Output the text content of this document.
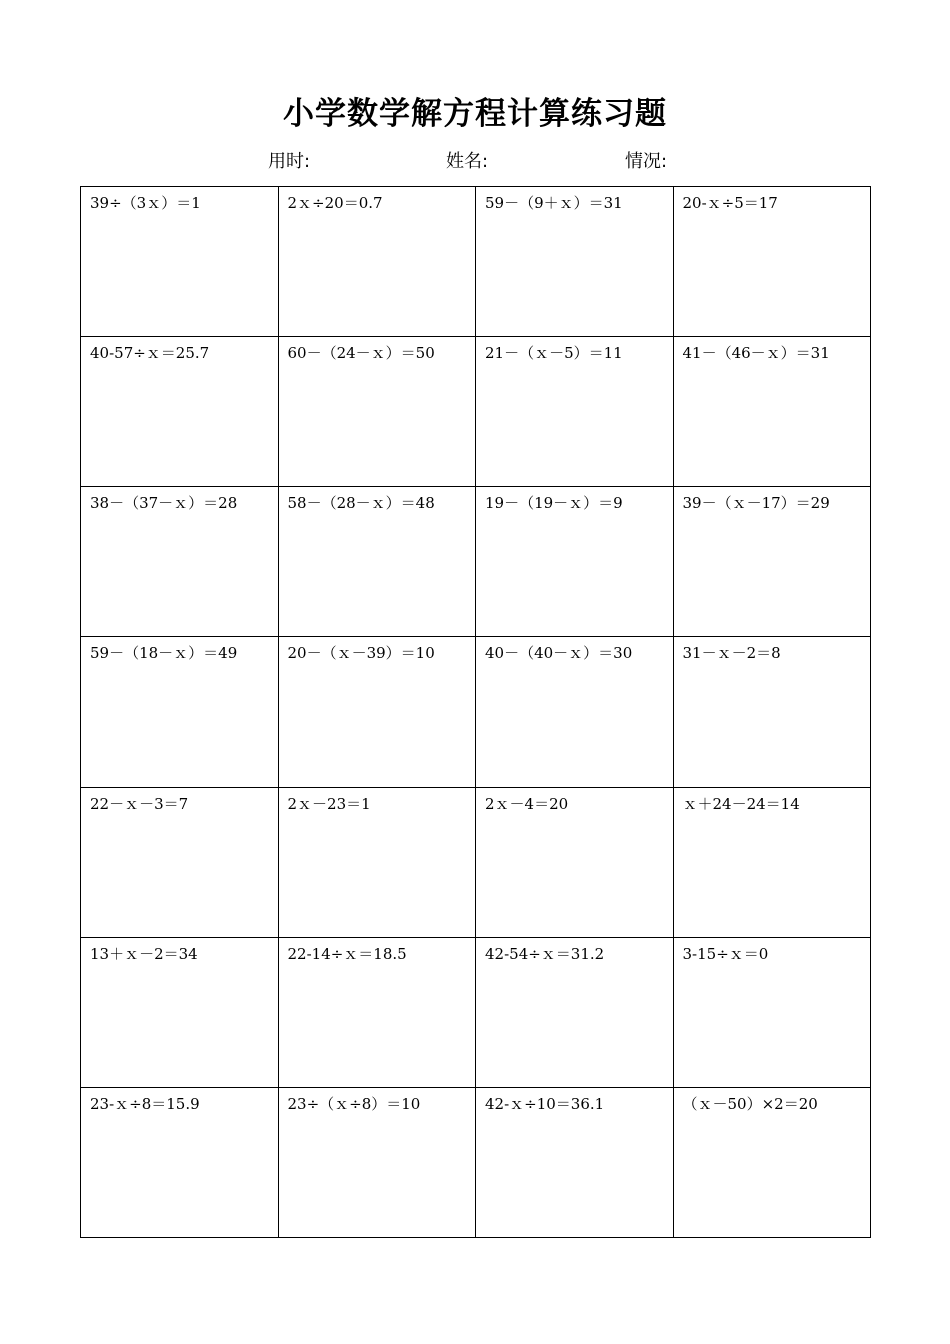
小学数学解方程计算练习题
用时:	姓名:	情况:
39÷（3ｘ）＝1	2ｘ÷20＝0.7	59－（9＋ｘ）＝31	20-ｘ÷5＝17
40-57÷ｘ＝25.7	60－（24－ｘ）＝50	21－（ｘ－5）＝11	41－（46－ｘ）＝31
38－（37－ｘ）＝28	58－（28－ｘ）＝48	19－（19－ｘ）＝9	39－（ｘ－17）＝29
59－（18－ｘ）＝49	20－（ｘ－39）＝10	40－（40－ｘ）＝30	31－ｘ－2＝8
22－ｘ－3＝7	2ｘ－23＝1	2ｘ－4＝20	ｘ＋24－24＝14
13＋ｘ－2＝34	22-14÷ｘ＝18.5	42-54÷ｘ＝31.2	3-15÷ｘ＝0
23-ｘ÷8＝15.9	23÷（ｘ÷8）＝10	42-ｘ÷10＝36.1	（ｘ－50）×2＝20
